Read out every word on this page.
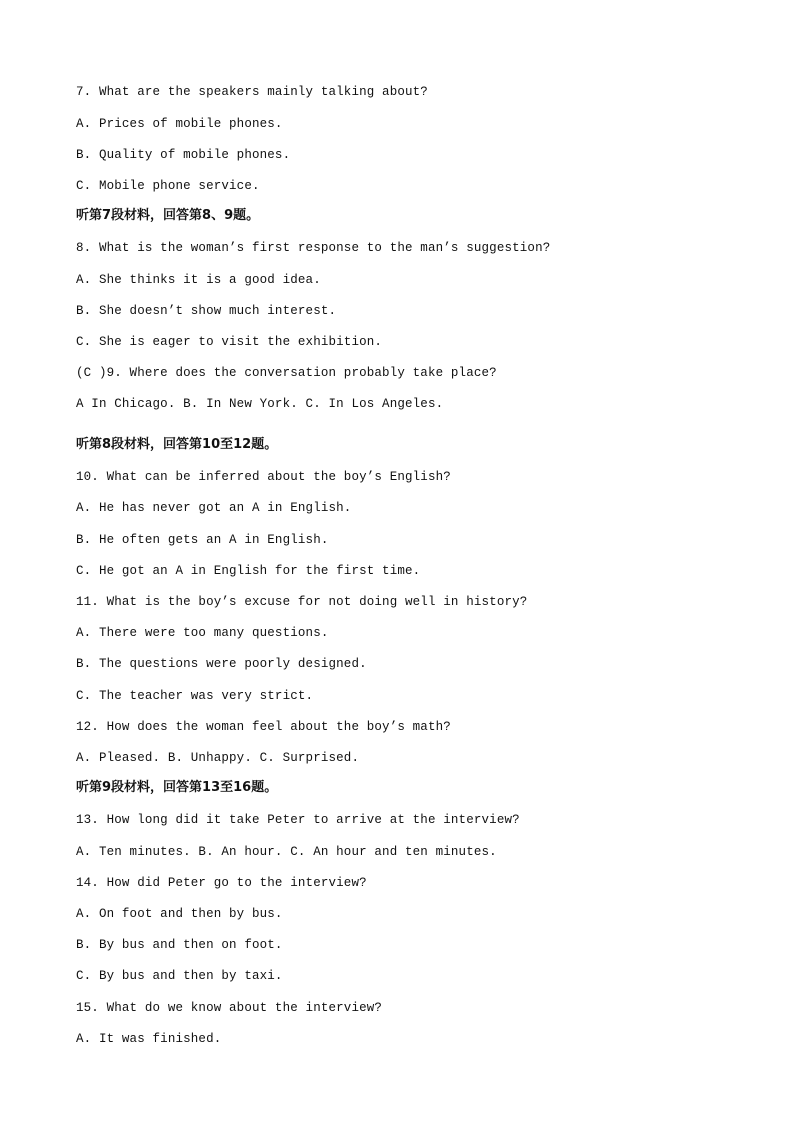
7. What are the speakers mainly talking about?
A. Prices of mobile phones.
B. Quality of mobile phones.
C. Mobile phone service.
听第7段材料，回答第8、9题。
8. What is the woman’s first response to the man’s suggestion?
A. She thinks it is a good idea.
B. She doesn’t show much interest.
C. She is eager to visit the exhibition.
(C )9. Where does the conversation probably take place?
A In Chicago. B. In New York. C. In Los Angeles.
听第8段材料，回答第10至12题。
10. What can be inferred about the boy’s English?
A. He has never got an A in English.
B. He often gets an A in English.
C. He got an A in English for the first time.
11. What is the boy’s excuse for not doing well in history?
A. There were too many questions.
B. The questions were poorly designed.
C. The teacher was very strict.
12. How does the woman feel about the boy’s math?
A. Pleased. B. Unhappy. C. Surprised.
听第9段材料，回答第13至16题。
13. How long did it take Peter to arrive at the interview?
A. Ten minutes. B. An hour. C. An hour and ten minutes.
14. How did Peter go to the interview?
A. On foot and then by bus.
B. By bus and then on foot.
C. By bus and then by taxi.
15. What do we know about the interview?
A. It was finished.
